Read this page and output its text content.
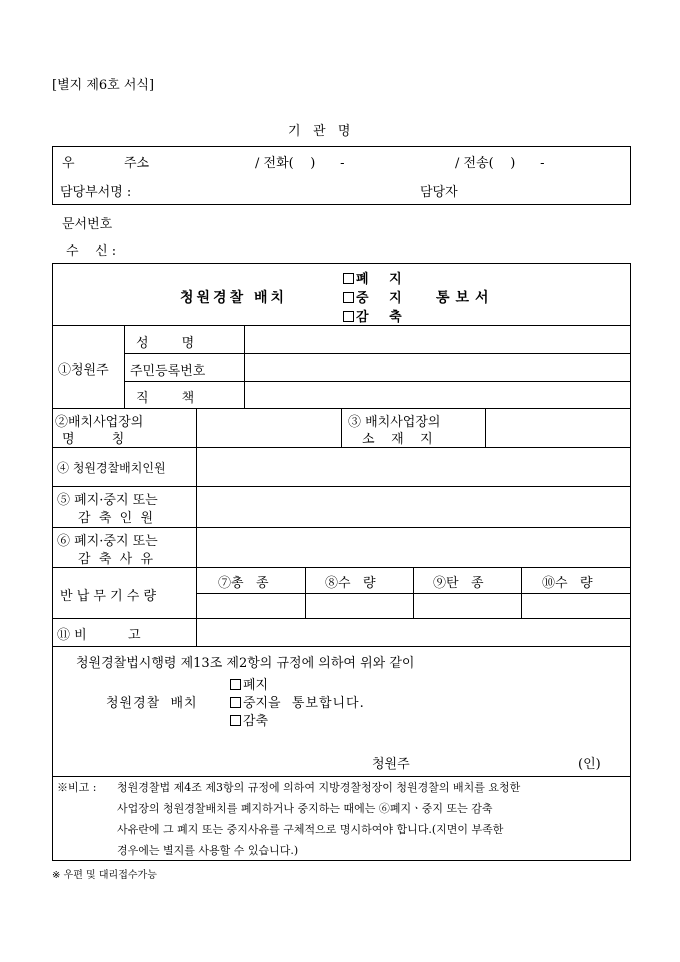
[별지 제6호 서식]
기   관   명
우	주소	/ 전화(    )      -	/ 전송(    )      -
담당부서명 :	담당자
문서번호
수    신 :
청원경찰 배치
폐 지
중 지
감 축
통보서
①청원주
성        명
주민등록번호
직        책
②배치사업장의
명         칭
③ 배치사업장의
소    재    지
④ 청원경찰배치인원
⑤ 폐지·중지 또는
감  축  인  원
⑥ 폐지·중지 또는
감  축  사  유
반 납 무 기 수 량
⑦총   종	⑧수   량	⑨탄   종	⑩수   량
⑪ 비          고
청원경찰법시행령 제13조 제2항의 규정에 의하여 위와 같이
폐지
청원경찰  배치	중지 을  통보합니다.
감축
청원주	(인)
※비고 : 청원경찰법 제4조 제3항의 규정에 의하여 지방경찰청장이 청원경찰의 배치를 요청한
사업장의 청원경찰배치를 폐지하거나 중지하는 때에는 ⑥폐지ㆍ중지 또는 감축
사유란에 그 폐지 또는 중지사유를 구체적으로 명시하여야 합니다.(지면이 부족한
경우에는 별지를 사용할 수 있습니다.)
※ 우편 및 대리접수가능
